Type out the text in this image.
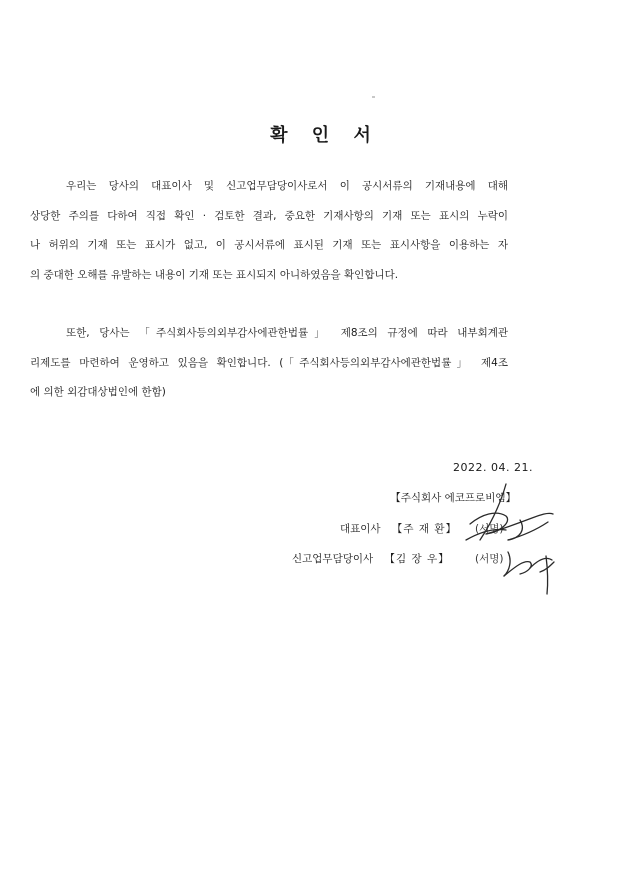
확 인 서
우리는 당사의 대표이사 및 신고업무담당이사로서 이 공시서류의 기재내용에 대해
상당한 주의를 다하여 직접 확인 · 검토한 결과, 중요한 기재사항의 기재 또는 표시의 누락이
나 허위의 기재 또는 표시가 없고, 이 공시서류에 표시된 기재 또는 표시사항을 이용하는 자
의 중대한 오해를 유발하는 내용이 기재 또는 표시되지 아니하였음을 확인합니다.
또한, 당사는 「주식회사등의외부감사에관한법률」 제8조의 규정에 따라 내부회계관
리제도를 마련하여 운영하고 있음을 확인합니다. (「주식회사등의외부감사에관한법률」 제4조
에 의한 외감대상법인에 한함)
2022. 04. 21.
【주식회사 에코프로비엠】
대표이사 【주 재 환】 (서명)
신고업무담당이사 【김 장 우】 (서명)
